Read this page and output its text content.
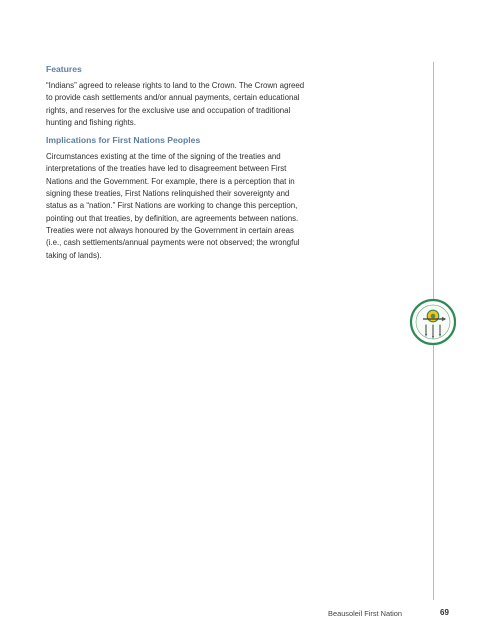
Features

“Indians” agreed to release rights to land to the Crown. The Crown agreed to provide cash settlements and/or annual payments, certain educational rights, and reserves for the exclusive use and occupation of traditional hunting and fishing rights.

Implications for First Nations Peoples

Circumstances existing at the time of the signing of the treaties and interpretations of the treaties have led to disagreement between First Nations and the Government. For example, there is a perception that in signing these treaties, First Nations relinquished their sovereignty and status as a “nation.” First Nations are working to change this perception, pointing out that treaties, by definition, are agreements between nations. Treaties were not always honoured by the Government in certain areas (i.e., cash settlements/annual payments were not observed; the wrongful taking of lands).

Beausoleil First Nation	69
